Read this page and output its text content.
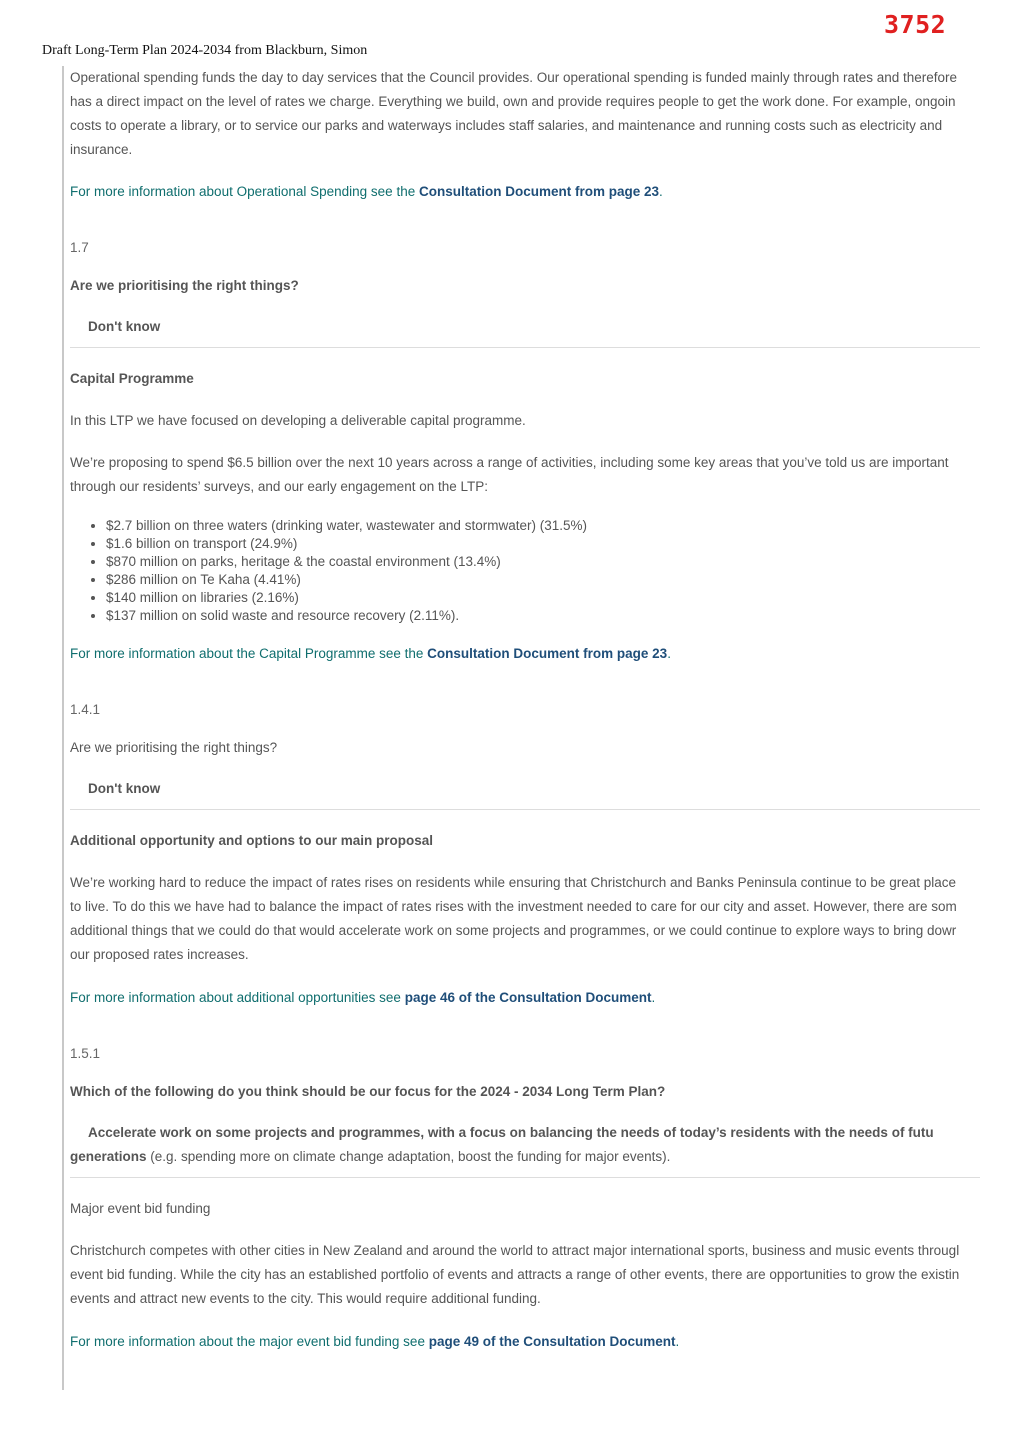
3752
Draft Long-Term Plan 2024-2034 from Blackburn, Simon
Operational spending funds the day to day services that the Council provides. Our operational spending is funded mainly through rates and therefore
has a direct impact on the level of rates we charge. Everything we build, own and provide requires people to get the work done. For example, ongoin
costs to operate a library, or to service our parks and waterways includes staff salaries, and maintenance and running costs such as electricity and
insurance.
For more information about Operational Spending see the Consultation Document from page 23.
1.7
Are we prioritising the right things?
Don't know
Capital Programme
In this LTP we have focused on developing a deliverable capital programme.
We’re proposing to spend $6.5 billion over the next 10 years across a range of activities, including some key areas that you’ve told us are important
through our residents’ surveys, and our early engagement on the LTP:
• $2.7 billion on three waters (drinking water, wastewater and stormwater) (31.5%)
• $1.6 billion on transport (24.9%)
• $870 million on parks, heritage & the coastal environment (13.4%)
• $286 million on Te Kaha (4.41%)
• $140 million on libraries (2.16%)
• $137 million on solid waste and resource recovery (2.11%).
For more information about the Capital Programme see the Consultation Document from page 23.
1.4.1
Are we prioritising the right things?
Don't know
Additional opportunity and options to our main proposal
We’re working hard to reduce the impact of rates rises on residents while ensuring that Christchurch and Banks Peninsula continue to be great place
to live. To do this we have had to balance the impact of rates rises with the investment needed to care for our city and asset. However, there are som
additional things that we could do that would accelerate work on some projects and programmes, or we could continue to explore ways to bring dowr
our proposed rates increases.
For more information about additional opportunities see page 46 of the Consultation Document.
1.5.1
Which of the following do you think should be our focus for the 2024 - 2034 Long Term Plan?
Accelerate work on some projects and programmes, with a focus on balancing the needs of today’s residents with the needs of futu
generations (e.g. spending more on climate change adaptation, boost the funding for major events).
Major event bid funding
Christchurch competes with other cities in New Zealand and around the world to attract major international sports, business and music events througl
event bid funding. While the city has an established portfolio of events and attracts a range of other events, there are opportunities to grow the existin
events and attract new events to the city. This would require additional funding.
For more information about the major event bid funding see page 49 of the Consultation Document.
